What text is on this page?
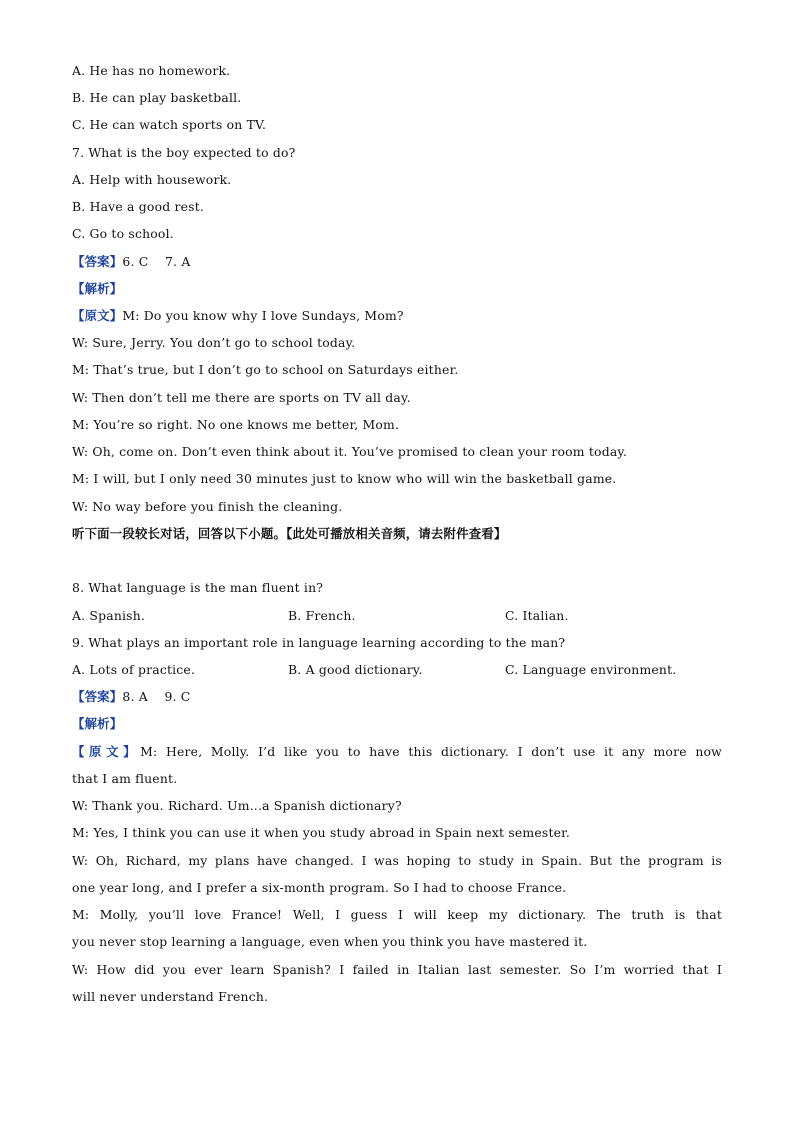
A. He has no homework.
B. He can play basketball.
C. He can watch sports on TV.
7. What is the boy expected to do?
A. Help with housework.
B. Have a good rest.
C. Go to school.
【答案】6. C    7. A
【解析】
【原文】M: Do you know why I love Sundays, Mom?
W: Sure, Jerry. You don’t go to school today.
M: That’s true, but I don’t go to school on Saturdays either.
W: Then don’t tell me there are sports on TV all day.
M: You’re so right. No one knows me better, Mom.
W: Oh, come on. Don’t even think about it. You’ve promised to clean your room today.
M: I will, but I only need 30 minutes just to know who will win the basketball game.
W: No way before you finish the cleaning.
听下面一段较长对话，回答以下小题。【此处可播放相关音频，请去附件查看】
8. What language is the man fluent in?
A. Spanish.	B. French.	C. Italian.
9. What plays an important role in language learning according to the man?
A. Lots of practice.	B. A good dictionary.	C. Language environment.
【答案】8. A    9. C
【解析】
【原文】M: Here, Molly. I’d like you to have this dictionary. I don’t use it any more now
that I am fluent.
W: Thank you. Richard. Um...a Spanish dictionary?
M: Yes, I think you can use it when you study abroad in Spain next semester.
W: Oh, Richard, my plans have changed. I was hoping to study in Spain. But the program is
one year long, and I prefer a six-month program. So I had to choose France.
M: Molly, you’ll love France! Well, I guess I will keep my dictionary. The truth is that
you never stop learning a language, even when you think you have mastered it.
W: How did you ever learn Spanish? I failed in Italian last semester. So I’m worried that I
will never understand French.
